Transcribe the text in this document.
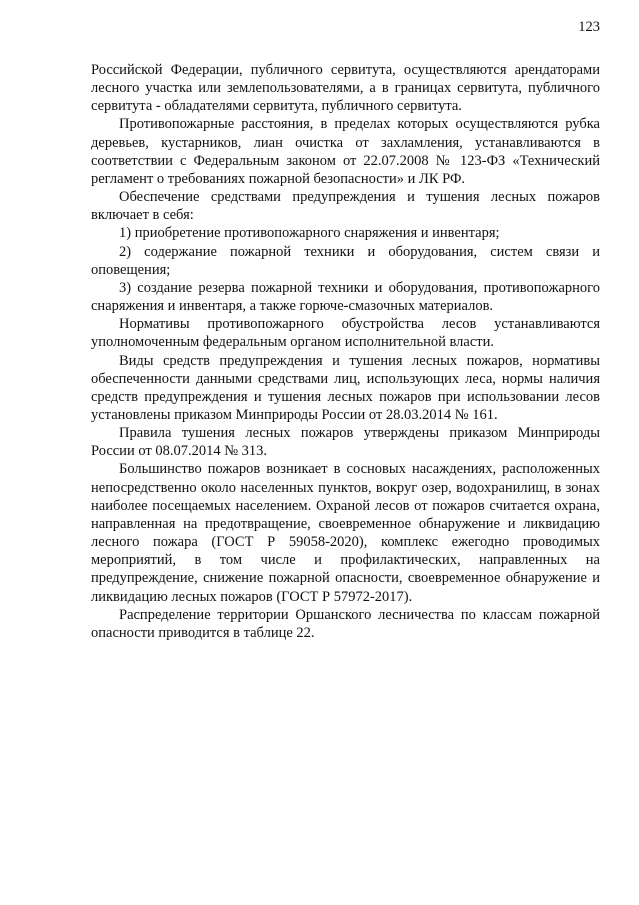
123

Российской Федерации, публичного сервитута, осуществляются арендаторами лесного участка или землепользователями, а в границах сервитута, публичного сервитута - обладателями сервитута, публичного сервитута.

Противопожарные расстояния, в пределах которых осуществляются рубка деревьев, кустарников, лиан очистка от захламления, устанавливаются в соответствии с Федеральным законом от 22.07.2008 № 123-ФЗ «Технический регламент о требованиях пожарной безопасности» и ЛК РФ.

Обеспечение средствами предупреждения и тушения лесных пожаров включает в себя:

1) приобретение противопожарного снаряжения и инвентаря;

2) содержание пожарной техники и оборудования, систем связи и оповещения;

3) создание резерва пожарной техники и оборудования, противопожарного снаряжения и инвентаря, а также горюче-смазочных материалов.

Нормативы противопожарного обустройства лесов устанавливаются уполномоченным федеральным органом исполнительной власти.

Виды средств предупреждения и тушения лесных пожаров, нормативы обеспеченности данными средствами лиц, использующих леса, нормы наличия средств предупреждения и тушения лесных пожаров при использовании лесов установлены приказом Минприроды России от 28.03.2014 № 161.

Правила тушения лесных пожаров утверждены приказом Минприроды России от 08.07.2014 № 313.

Большинство пожаров возникает в сосновых насаждениях, расположенных непосредственно около населенных пунктов, вокруг озер, водохранилищ, в зонах наиболее посещаемых населением. Охраной лесов от пожаров считается охрана, направленная на предотвращение, своевременное обнаружение и ликвидацию лесного пожара (ГОСТ Р 59058-2020), комплекс ежегодно проводимых мероприятий, в том числе и профилактических, направленных на предупреждение, снижение пожарной опасности, своевременное обнаружение и ликвидацию лесных пожаров (ГОСТ Р 57972-2017).

Распределение территории Оршанского лесничества по классам пожарной опасности приводится в таблице 22.
